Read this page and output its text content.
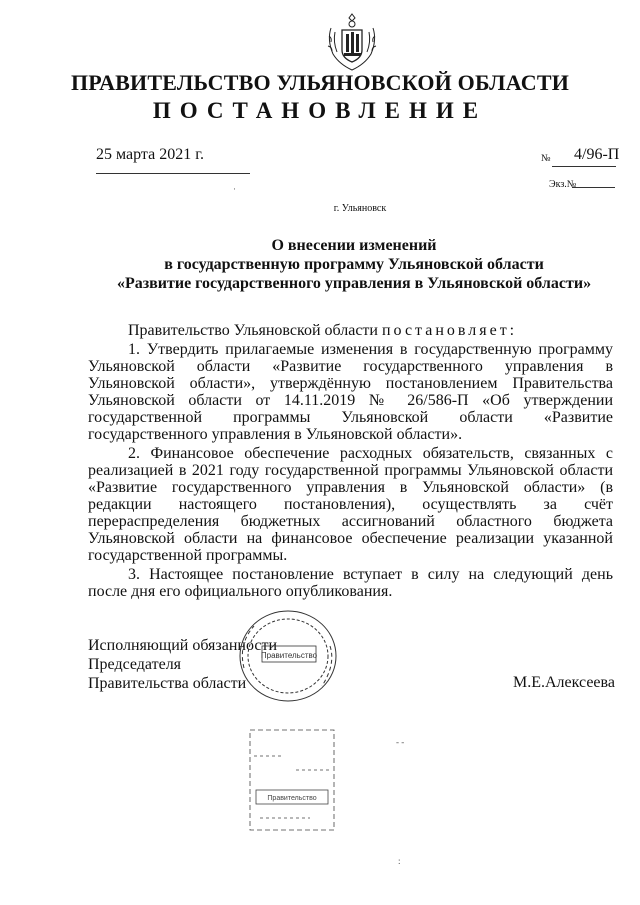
ПРАВИТЕЛЬСТВО УЛЬЯНОВСКОЙ ОБЛАСТИ
ПОСТАНОВЛЕНИЕ
25 марта 2021 г.	№ 4/96-П
Экз.№
г. Ульяновск
О внесении изменений
в государственную программу Ульяновской области
«Развитие государственного управления в Ульяновской области»

Правительство Ульяновской области постановляет:

1. Утвердить прилагаемые изменения в государственную программу Ульяновской области «Развитие государственного управления в Ульяновской области», утверждённую постановлением Правительства Ульяновской области от 14.11.2019 № 26/586-П «Об утверждении государственной программы Ульяновской области «Развитие государственного управления в Ульяновской области».

2. Финансовое обеспечение расходных обязательств, связанных с реализацией в 2021 году государственной программы Ульяновской области «Развитие государственного управления в Ульяновской области» (в редакции настоящего постановления), осуществлять за счёт перераспределения бюджетных ассигнований областного бюджета Ульяновской области на финансовое обеспечение реализации указанной государственной программы.

3. Настоящее постановление вступает в силу на следующий день после дня его официального опубликования.

Исполняющий обязанности
Председателя
Правительства области	М.Е.Алексеева
Правительство
Правительство
·
- -
:
